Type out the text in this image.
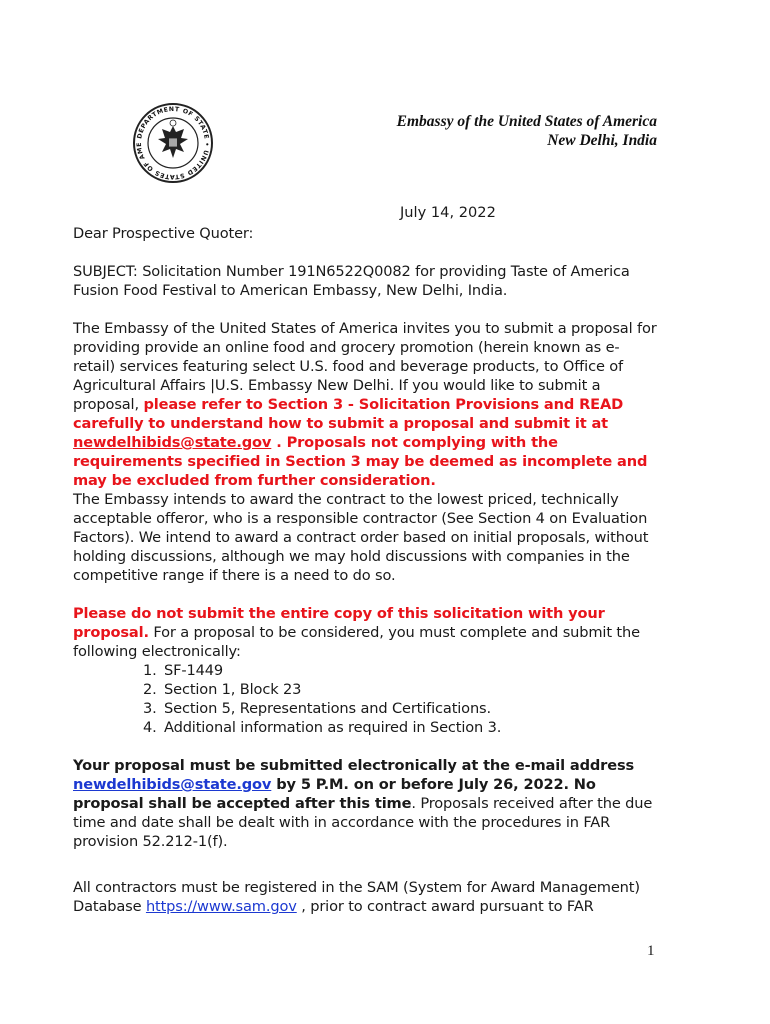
DEPARTMENT OF STATE • UNITED STATES OF AME
Embassy of the United States of America
New Delhi, India
July 14, 2022
Dear Prospective Quoter:
SUBJECT: Solicitation Number 191N6522Q0082 for providing Taste of America Fusion Food Festival to American Embassy, New Delhi, India.
The Embassy of the United States of America invites you to submit a proposal for providing provide an online food and grocery promotion (herein known as e-retail) services featuring select U.S. food and beverage products, to Office of Agricultural Affairs |U.S. Embassy New Delhi. If you would like to submit a proposal, please refer to Section 3 - Solicitation Provisions and READ carefully to understand how to submit a proposal and submit it at newdelhibids@state.gov . Proposals not complying with the requirements specified in Section 3 may be deemed as incomplete and may be excluded from further consideration.
The Embassy intends to award the contract to the lowest priced, technically acceptable offeror, who is a responsible contractor (See Section 4 on Evaluation Factors). We intend to award a contract order based on initial proposals, without holding discussions, although we may hold discussions with companies in the competitive range if there is a need to do so.

Please do not submit the entire copy of this solicitation with your proposal. For a proposal to be considered, you must complete and submit the following electronically:

1. SF-1449
2. Section 1, Block 23
3. Section 5, Representations and Certifications.
4. Additional information as required in Section 3.
Your proposal must be submitted electronically at the e-mail address
newdelhibids@state.gov by 5 P.M. on or before July 26, 2022. No proposal shall be accepted after this time. Proposals received after the due time and date shall be dealt with in accordance with the procedures in FAR provision 52.212-1(f).
All contractors must be registered in the SAM (System for Award Management) Database https://www.sam.gov , prior to contract award pursuant to FAR
1
